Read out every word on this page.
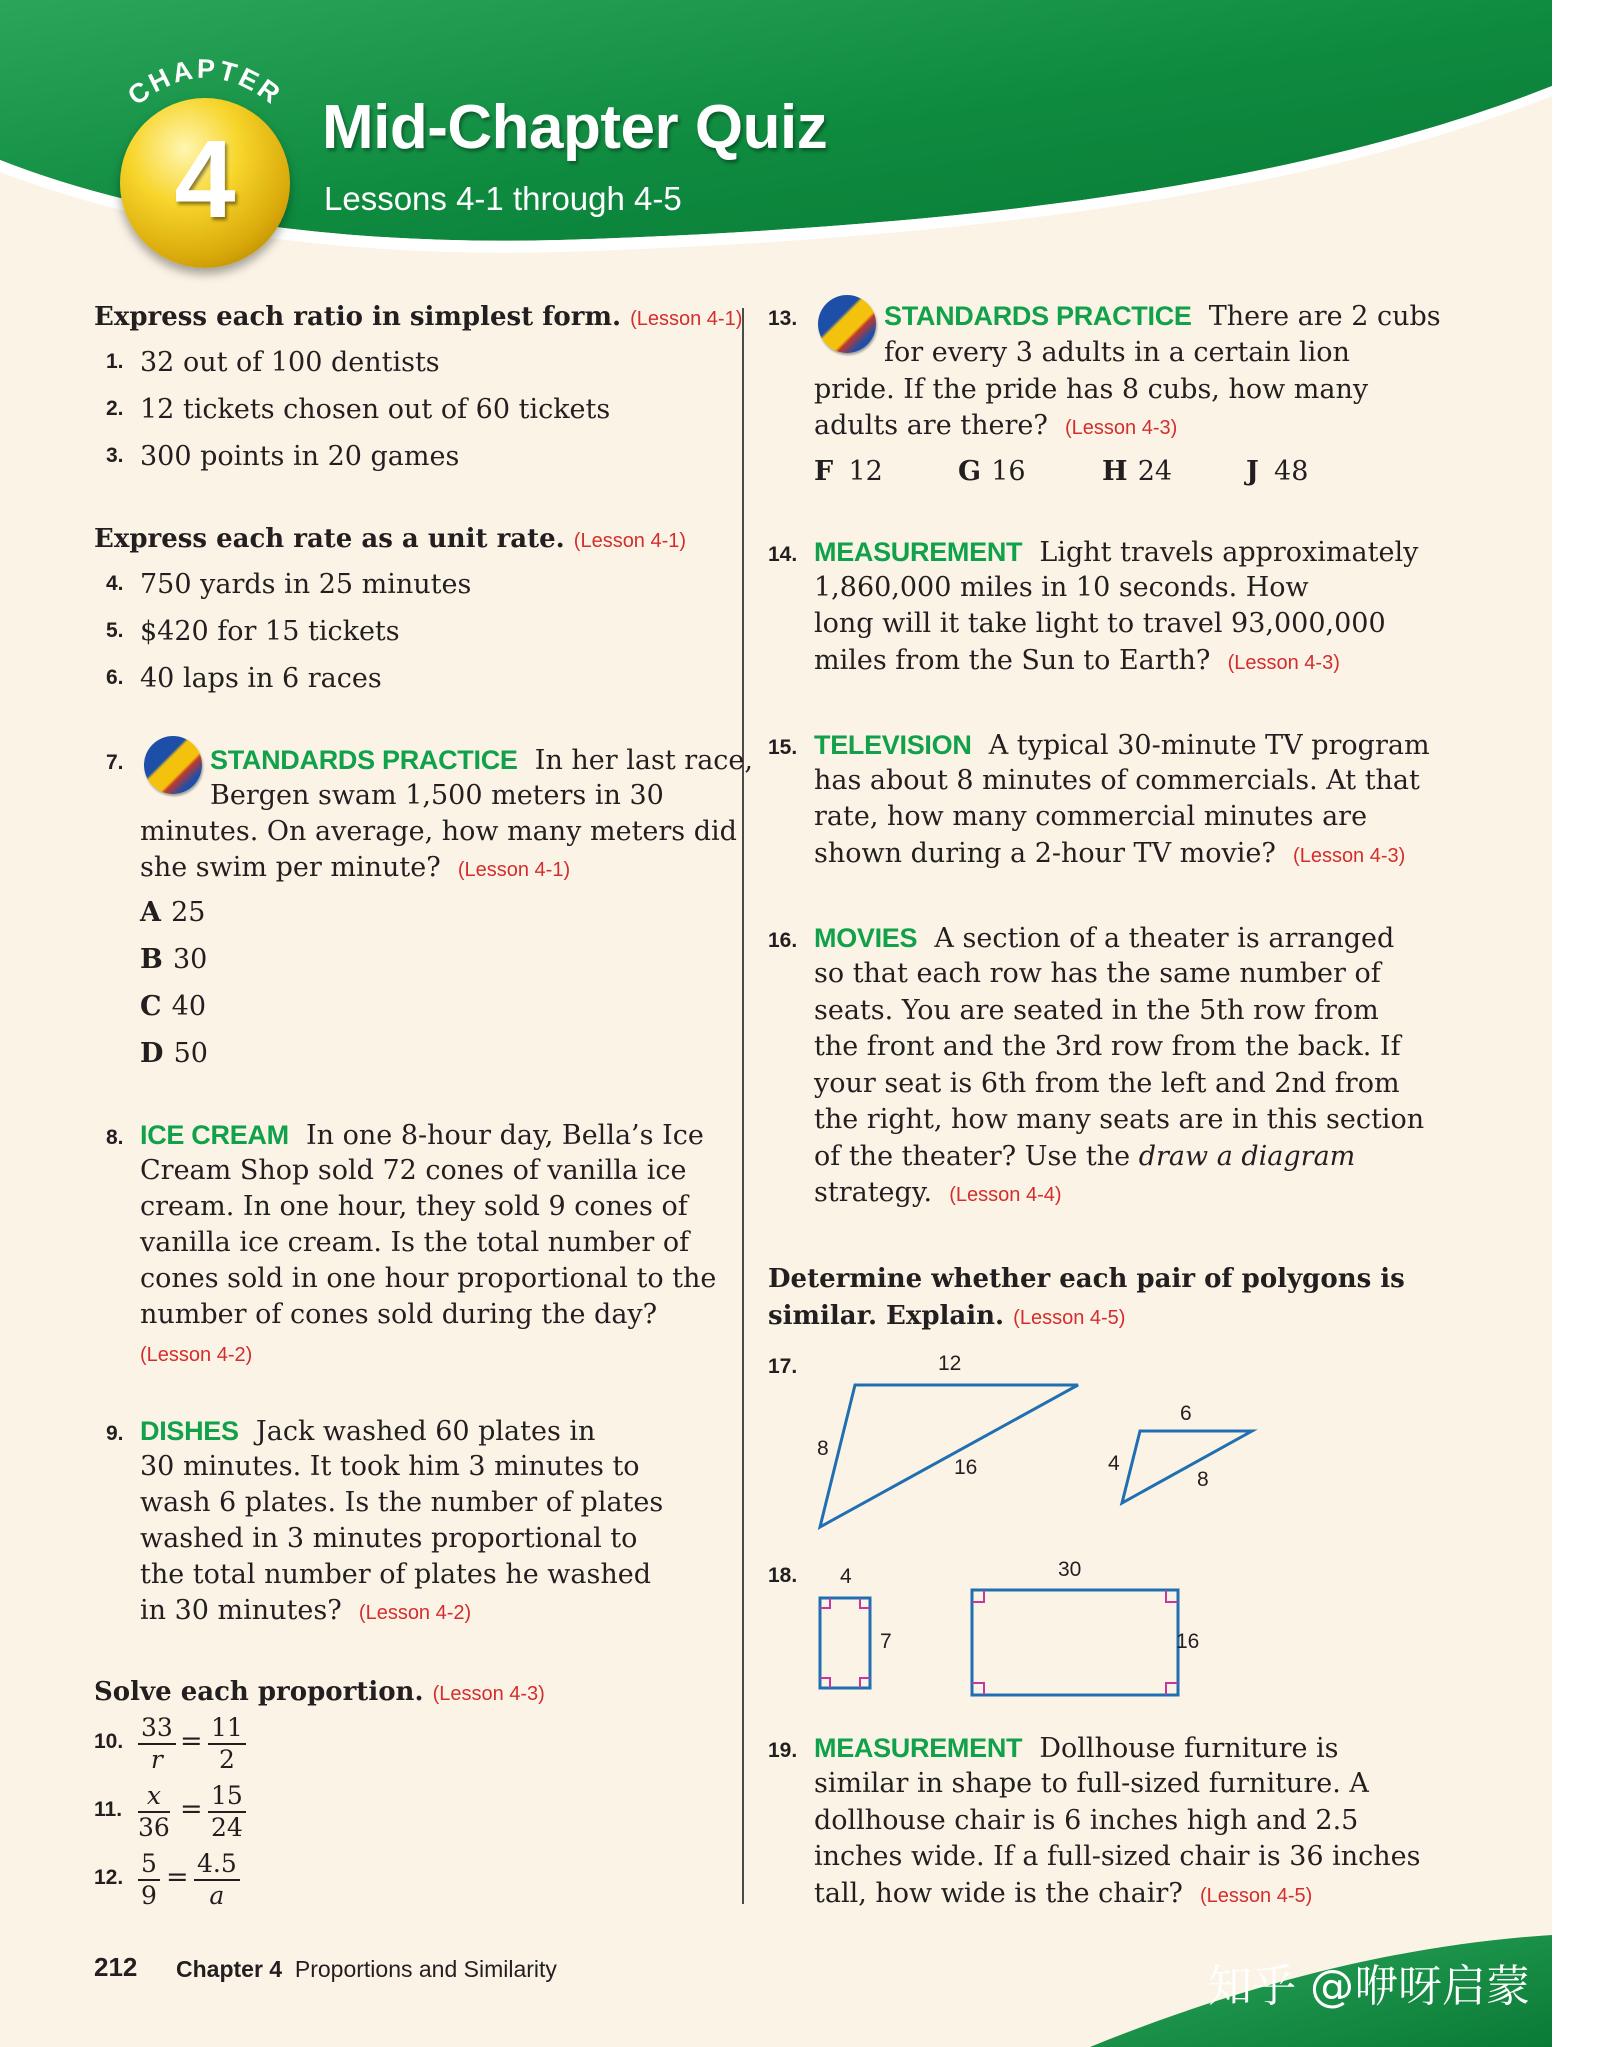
CHAPTER
4	Mid-Chapter Quiz
Lessons 4-1 through 4-5
Express each ratio in simplest form. (Lesson 4-1)
1. 32 out of 100 dentists
2. 12 tickets chosen out of 60 tickets
3. 300 points in 20 games
Express each rate as a unit rate. (Lesson 4-1)
4. 750 yards in 25 minutes
5. $420 for 15 tickets
6. 40 laps in 6 races
7.	STANDARDS PRACTICE In her last race,
Bergen swam 1,500 meters in 30
minutes. On average, how many meters did
she swim per minute? (Lesson 4-1)
A 25
B 30
C 40
D 50
8. ICE CREAM In one 8-hour day, Bella’s Ice
Cream Shop sold 72 cones of vanilla ice
cream. In one hour, they sold 9 cones of
vanilla ice cream. Is the total number of
cones sold in one hour proportional to the
number of cones sold during the day?
(Lesson 4-2)
9. DISHES Jack washed 60 plates in
30 minutes. It took him 3 minutes to
wash 6 plates. Is the number of plates
washed in 3 minutes proportional to
the total number of plates he washed
in 30 minutes? (Lesson 4-2)
Solve each proportion. (Lesson 4-3)
10. $\frac{33}{r} = \frac{11}{2}$
11. $\frac{x}{36} = \frac{15}{24}$
12. $\frac{5}{9} = \frac{4.5}{a}$
13.	STANDARDS PRACTICE There are 2 cubs
for every 3 adults in a certain lion
pride. If the pride has 8 cubs, how many
adults are there? (Lesson 4-3)
F 12	G 16	H 24	J 48
14. MEASUREMENT Light travels approximately
1,860,000 miles in 10 seconds. How
long will it take light to travel 93,000,000
miles from the Sun to Earth? (Lesson 4-3)
15. TELEVISION A typical 30-minute TV program
has about 8 minutes of commercials. At that
rate, how many commercial minutes are
shown during a 2-hour TV movie? (Lesson 4-3)
16. MOVIES A section of a theater is arranged
so that each row has the same number of
seats. You are seated in the 5th row from
the front and the 3rd row from the back. If
your seat is 6th from the left and 2nd from
the right, how many seats are in this section
of the theater? Use the draw a diagram
strategy. (Lesson 4-4)
Determine whether each pair of polygons is
similar. Explain. (Lesson 4-5)
17.	12
8
16
6
4
8
18. 4
7
30
16
19. MEASUREMENT Dollhouse furniture is
similar in shape to full-sized furniture. A
dollhouse chair is 6 inches high and 2.5
inches wide. If a full-sized chair is 36 inches
tall, how wide is the chair? (Lesson 4-5)
212 Chapter 4 Proportions and Similarity	知乎 @咿呀启蒙
